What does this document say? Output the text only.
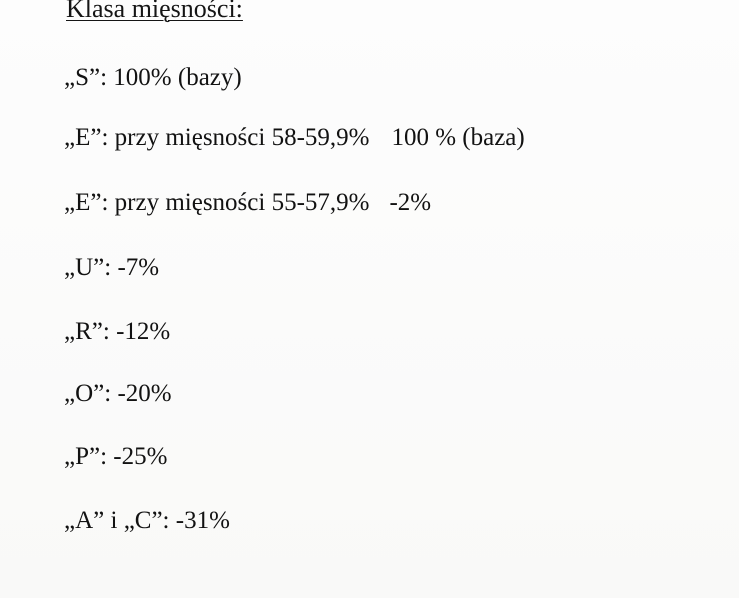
Klasa mięsności:
„S”: 100% (bazy)
„E”: przy mięsności 58-59,9% 100 % (baza)
„E”: przy mięsności 55-57,9% -2%
„U”: -7%
„R”: -12%
„O”: -20%
„P”: -25%
„A” i „C”: -31%
